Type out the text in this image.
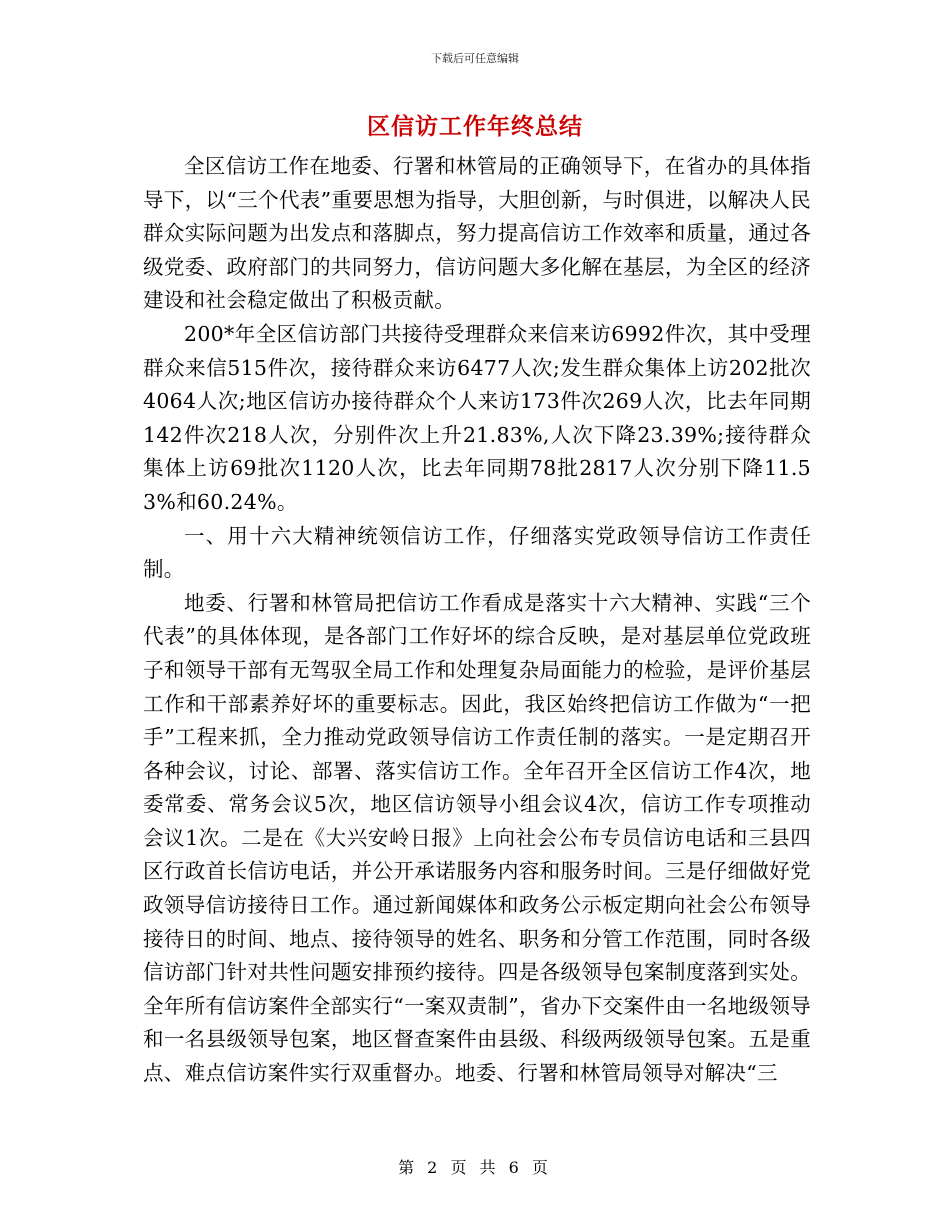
下载后可任意编辑
区信访工作年终总结

全区信访工作在地委、行署和林管局的正确领导下，在省办的具体指导下，以“三个代表”重要思想为指导，大胆创新，与时俱进，以解决人民群众实际问题为出发点和落脚点，努力提高信访工作效率和质量，通过各级党委、政府部门的共同努力，信访问题大多化解在基层，为全区的经济建设和社会稳定做出了积极贡献。

200*年全区信访部门共接待受理群众来信来访6992件次，其中受理群众来信515件次，接待群众来访6477人次;发生群众集体上访202批次4064人次;地区信访办接待群众个人来访173件次269人次，比去年同期142件次218人次，分别件次上升21.83%,人次下降23.39%;接待群众集体上访69批次1120人次，比去年同期78批2817人次分别下降11.53%和60.24%。

一、用十六大精神统领信访工作，仔细落实党政领导信访工作责任制。

地委、行署和林管局把信访工作看成是落实十六大精神、实践“三个代表”的具体体现，是各部门工作好坏的综合反映，是对基层单位党政班子和领导干部有无驾驭全局工作和处理复杂局面能力的检验，是评价基层工作和干部素养好坏的重要标志。因此，我区始终把信访工作做为“一把手”工程来抓，全力推动党政领导信访工作责任制的落实。一是定期召开各种会议，讨论、部署、落实信访工作。全年召开全区信访工作4次，地委常委、常务会议5次，地区信访领导小组会议4次，信访工作专项推动会议1次。二是在《大兴安岭日报》上向社会公布专员信访电话和三县四区行政首长信访电话，并公开承诺服务内容和服务时间。三是仔细做好党政领导信访接待日工作。通过新闻媒体和政务公示板定期向社会公布领导接待日的时间、地点、接待领导的姓名、职务和分管工作范围，同时各级信访部门针对共性问题安排预约接待。四是各级领导包案制度落到实处。全年所有信访案件全部实行“一案双责制”，省办下交案件由一名地级领导和一名县级领导包案，地区督查案件由县级、科级两级领导包案。五是重点、难点信访案件实行双重督办。地委、行署和林管局领导对解决“三

第 2 页 共 6 页
